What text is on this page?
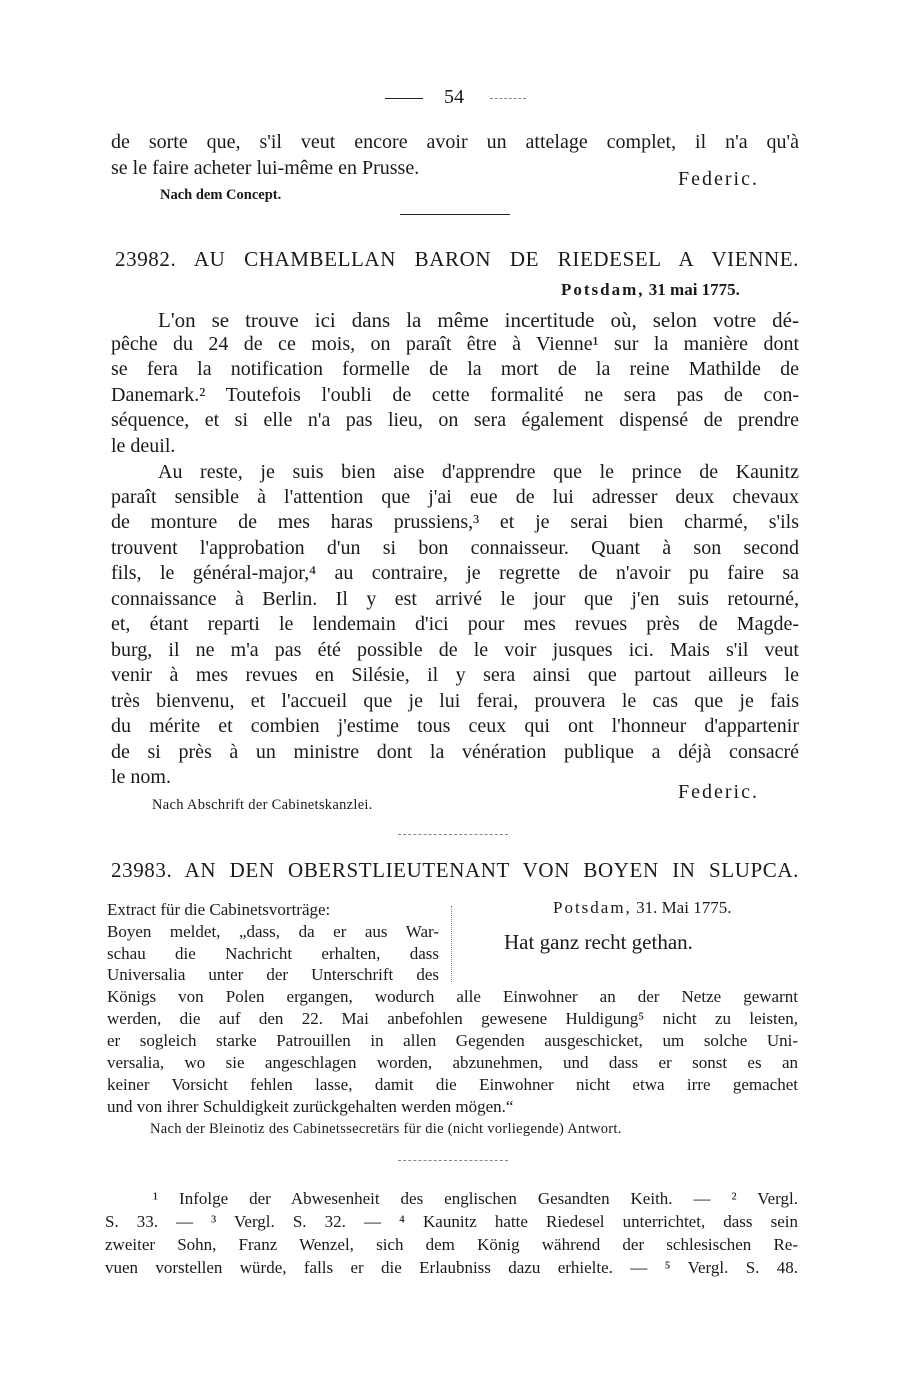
54

de sorte que, s'il veut encore avoir un attelage complet, il n'a qu'à

se le faire acheter lui-même en Prusse.	Federic.

Nach dem Concept.

23982. AU CHAMBELLAN BARON DE RIEDESEL A VIENNE.

Potsdam, 31 mai 1775.

L'on se trouve ici dans la même incertitude où, selon votre dé-

pêche du 24 de ce mois, on paraît être à Vienne¹ sur la manière dont

se fera la notification formelle de la mort de la reine Mathilde de

Danemark.² Toutefois l'oubli de cette formalité ne sera pas de con-

séquence, et si elle n'a pas lieu, on sera également dispensé de prendre

le deuil.

Au reste, je suis bien aise d'apprendre que le prince de Kaunitz

paraît sensible à l'attention que j'ai eue de lui adresser deux chevaux

de monture de mes haras prussiens,³ et je serai bien charmé, s'ils

trouvent l'approbation d'un si bon connaisseur. Quant à son second

fils, le général-major,⁴ au contraire, je regrette de n'avoir pu faire sa

connaissance à Berlin. Il y est arrivé le jour que j'en suis retourné,

et, étant reparti le lendemain d'ici pour mes revues près de Magde-

burg, il ne m'a pas été possible de le voir jusques ici. Mais s'il veut

venir à mes revues en Silésie, il y sera ainsi que partout ailleurs le

très bienvenu, et l'accueil que je lui ferai, prouvera le cas que je fais

du mérite et combien j'estime tous ceux qui ont l'honneur d'appartenir

de si près à un ministre dont la vénération publique a déjà consacré

le nom.

Federic.

Nach Abschrift der Cabinetskanzlei.

23983. AN DEN OBERSTLIEUTENANT VON BOYEN IN SLUPCA.

Extract für die Cabinetsvorträge:

Boyen meldet, „dass, da er aus War-

schau die Nachricht erhalten, dass

Universalia unter der Unterschrift des

Potsdam, 31. Mai 1775.

Hat ganz recht gethan.

Königs von Polen ergangen, wodurch alle Einwohner an der Netze gewarnt

werden, die auf den 22. Mai anbefohlen gewesene Huldigung⁵ nicht zu leisten,

er sogleich starke Patrouillen in allen Gegenden ausgeschicket, um solche Uni-

versalia, wo sie angeschlagen worden, abzunehmen, und dass er sonst es an

keiner Vorsicht fehlen lasse, damit die Einwohner nicht etwa irre gemachet

und von ihrer Schuldigkeit zurückgehalten werden mögen.“

Nach der Bleinotiz des Cabinetssecretärs für die (nicht vorliegende) Antwort.

¹ Infolge der Abwesenheit des englischen Gesandten Keith. — ² Vergl.

S. 33. — ³ Vergl. S. 32. — ⁴ Kaunitz hatte Riedesel unterrichtet, dass sein

zweiter Sohn, Franz Wenzel, sich dem König während der schlesischen Re-

vuen vorstellen würde, falls er die Erlaubniss dazu erhielte. — ⁵ Vergl. S. 48.
